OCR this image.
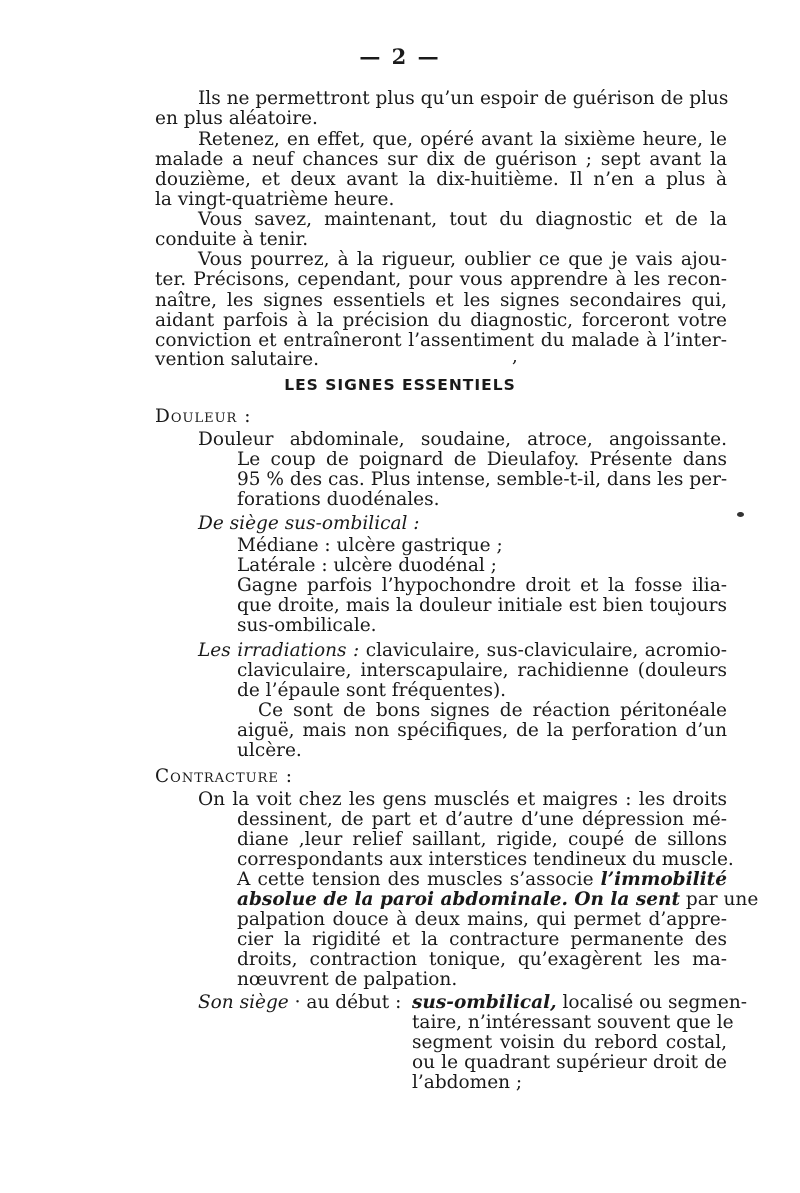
— 2 —
Ils ne permettront plus qu’un espoir de guérison de plus
en plus aléatoire.
Retenez, en effet, que, opéré avant la sixième heure, le
malade a neuf chances sur dix de guérison ; sept avant la
douzième, et deux avant la dix-huitième. Il n’en a plus à
la vingt-quatrième heure.
Vous savez, maintenant, tout du diagnostic et de la
conduite à tenir.
Vous pourrez, à la rigueur, oublier ce que je vais ajou-
ter. Précisons, cependant, pour vous apprendre à les recon-
naître, les signes essentiels et les signes secondaires qui,
aidant parfois à la précision du diagnostic, forceront votre
conviction et entraîneront l’assentiment du malade à l’inter-
vention salutaire.	,
LES SIGNES ESSENTIELS
Douleur :
Douleur abdominale, soudaine, atroce, angoissante.
Le coup de poignard de Dieulafoy. Présente dans
95 % des cas. Plus intense, semble-t-il, dans les per-
forations duodénales.
De siège sus-ombilical :
Médiane : ulcère gastrique ;
Latérale : ulcère duodénal ;
Gagne parfois l’hypochondre droit et la fosse ilia-
que droite, mais la douleur initiale est bien toujours
sus-ombilicale.
Les irradiations : claviculaire, sus-claviculaire, acromio-
claviculaire, interscapulaire, rachidienne (douleurs
de l’épaule sont fréquentes).
Ce sont de bons signes de réaction péritonéale
aiguë, mais non spécifiques, de la perforation d’un
ulcère.
Contracture :
On la voit chez les gens musclés et maigres : les droits
dessinent, de part et d’autre d’une dépression mé-
diane ,leur relief saillant, rigide, coupé de sillons
correspondants aux interstices tendineux du muscle.
A cette tension des muscles s’associe l’immobilité
absolue de la paroi abdominale. On la sent par une
palpation douce à deux mains, qui permet d’appre-
cier la rigidité et la contracture permanente des
droits, contraction tonique, qu’exagèrent les ma-
nœuvrent de palpation.
Son siège · au début : sus-ombilical, localisé ou segmen-
taire, n’intéressant souvent que le
segment voisin du rebord costal,
ou le quadrant supérieur droit de
l’abdomen ;
